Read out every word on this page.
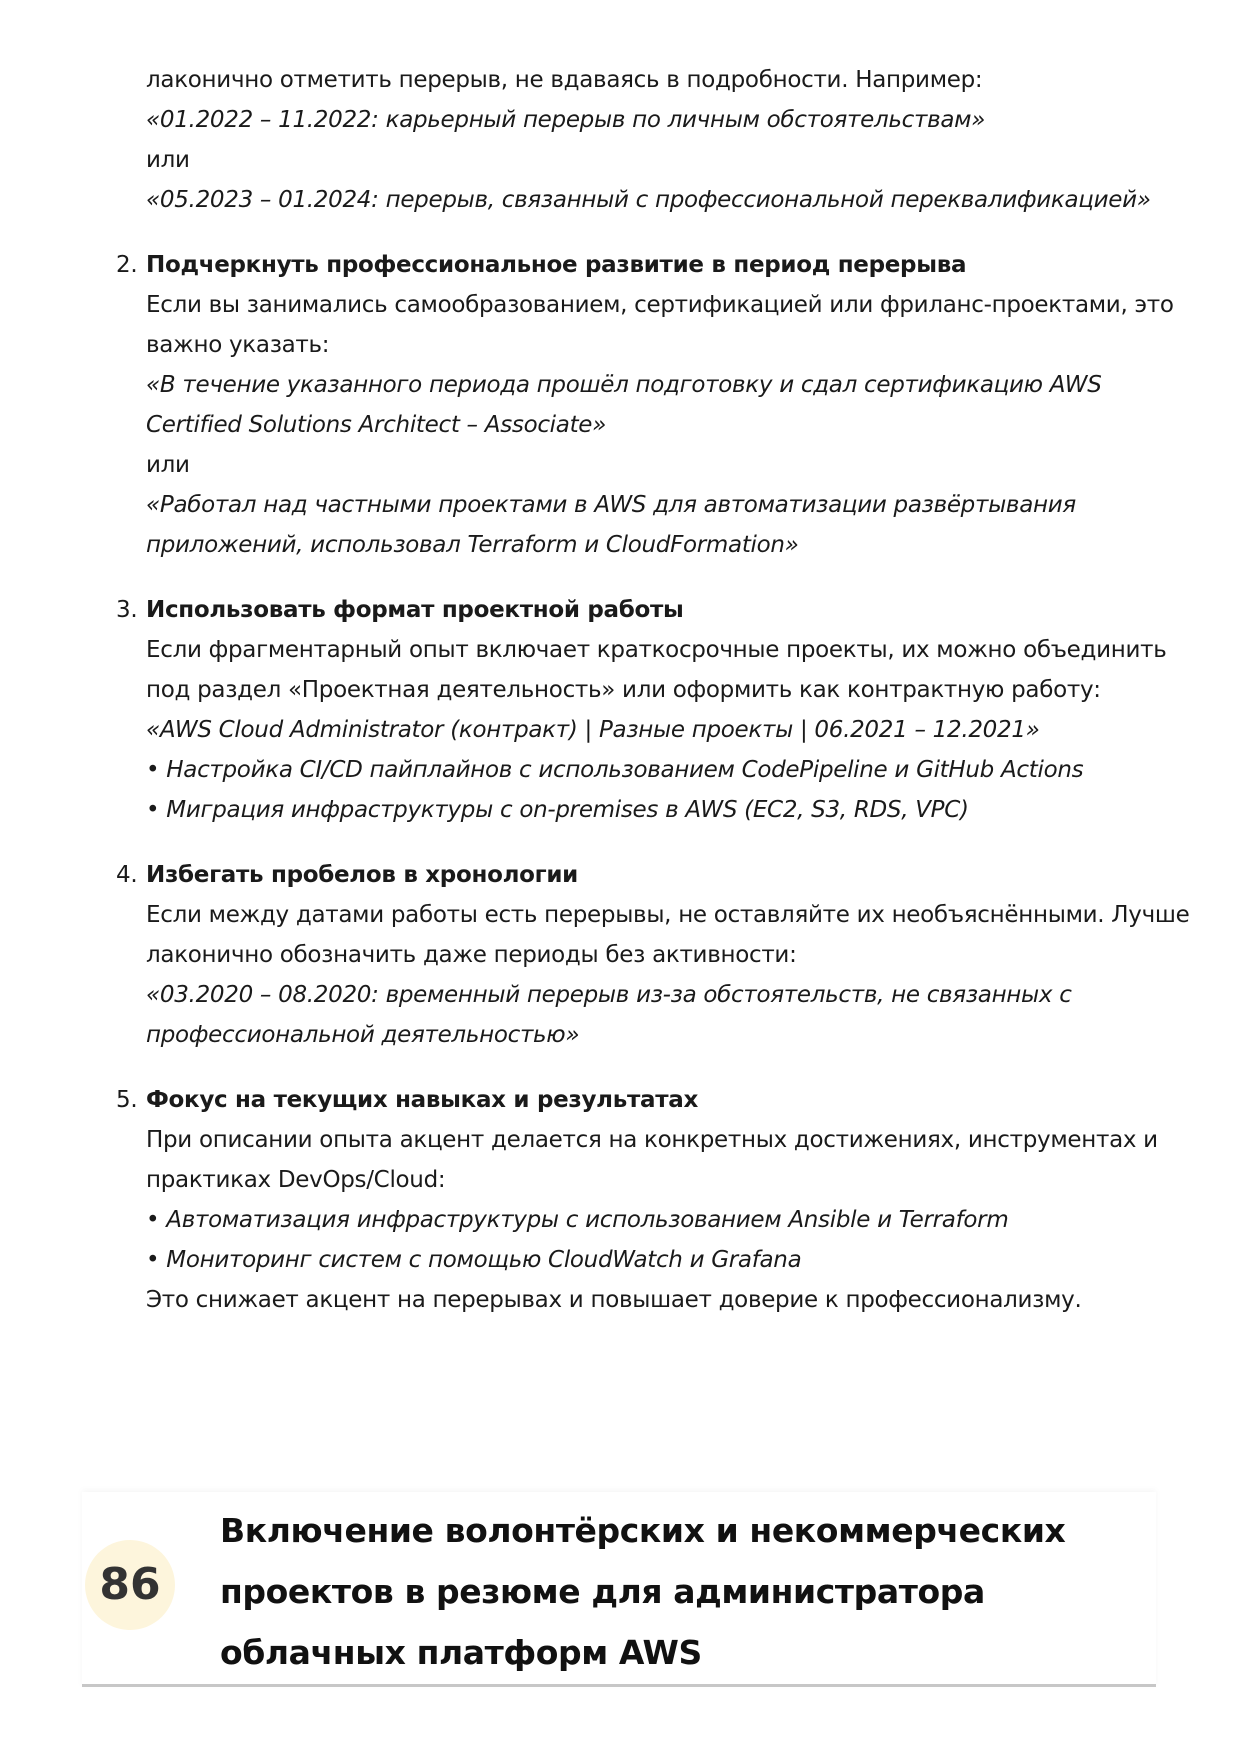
лаконично отметить перерыв, не вдаваясь в подробности. Например:
«01.2022 – 11.2022: карьерный перерыв по личным обстоятельствам»
или
«05.2023 – 01.2024: перерыв, связанный с профессиональной переквалификацией»
2. Подчеркнуть профессиональное развитие в период перерыва
Если вы занимались самообразованием, сертификацией или фриланс-проектами, это
важно указать:
«В течение указанного периода прошёл подготовку и сдал сертификацию AWS
Certified Solutions Architect – Associate»
или
«Работал над частными проектами в AWS для автоматизации развёртывания
приложений, использовал Terraform и CloudFormation»
3. Использовать формат проектной работы
Если фрагментарный опыт включает краткосрочные проекты, их можно объединить
под раздел «Проектная деятельность» или оформить как контрактную работу:
«AWS Cloud Administrator (контракт) | Разные проекты | 06.2021 – 12.2021»
• Настройка CI/CD пайплайнов с использованием CodePipeline и GitHub Actions
• Миграция инфраструктуры с on-premises в AWS (EC2, S3, RDS, VPC)
4. Избегать пробелов в хронологии
Если между датами работы есть перерывы, не оставляйте их необъяснёнными. Лучше
лаконично обозначить даже периоды без активности:
«03.2020 – 08.2020: временный перерыв из-за обстоятельств, не связанных с
профессиональной деятельностью»
5. Фокус на текущих навыках и результатах
При описании опыта акцент делается на конкретных достижениях, инструментах и
практиках DevOps/Cloud:
• Автоматизация инфраструктуры с использованием Ansible и Terraform
• Мониторинг систем с помощью CloudWatch и Grafana
Это снижает акцент на перерывах и повышает доверие к профессионализму.
86
Включение волонтёрских и некоммерческих
проектов в резюме для администратора
облачных платформ AWS
